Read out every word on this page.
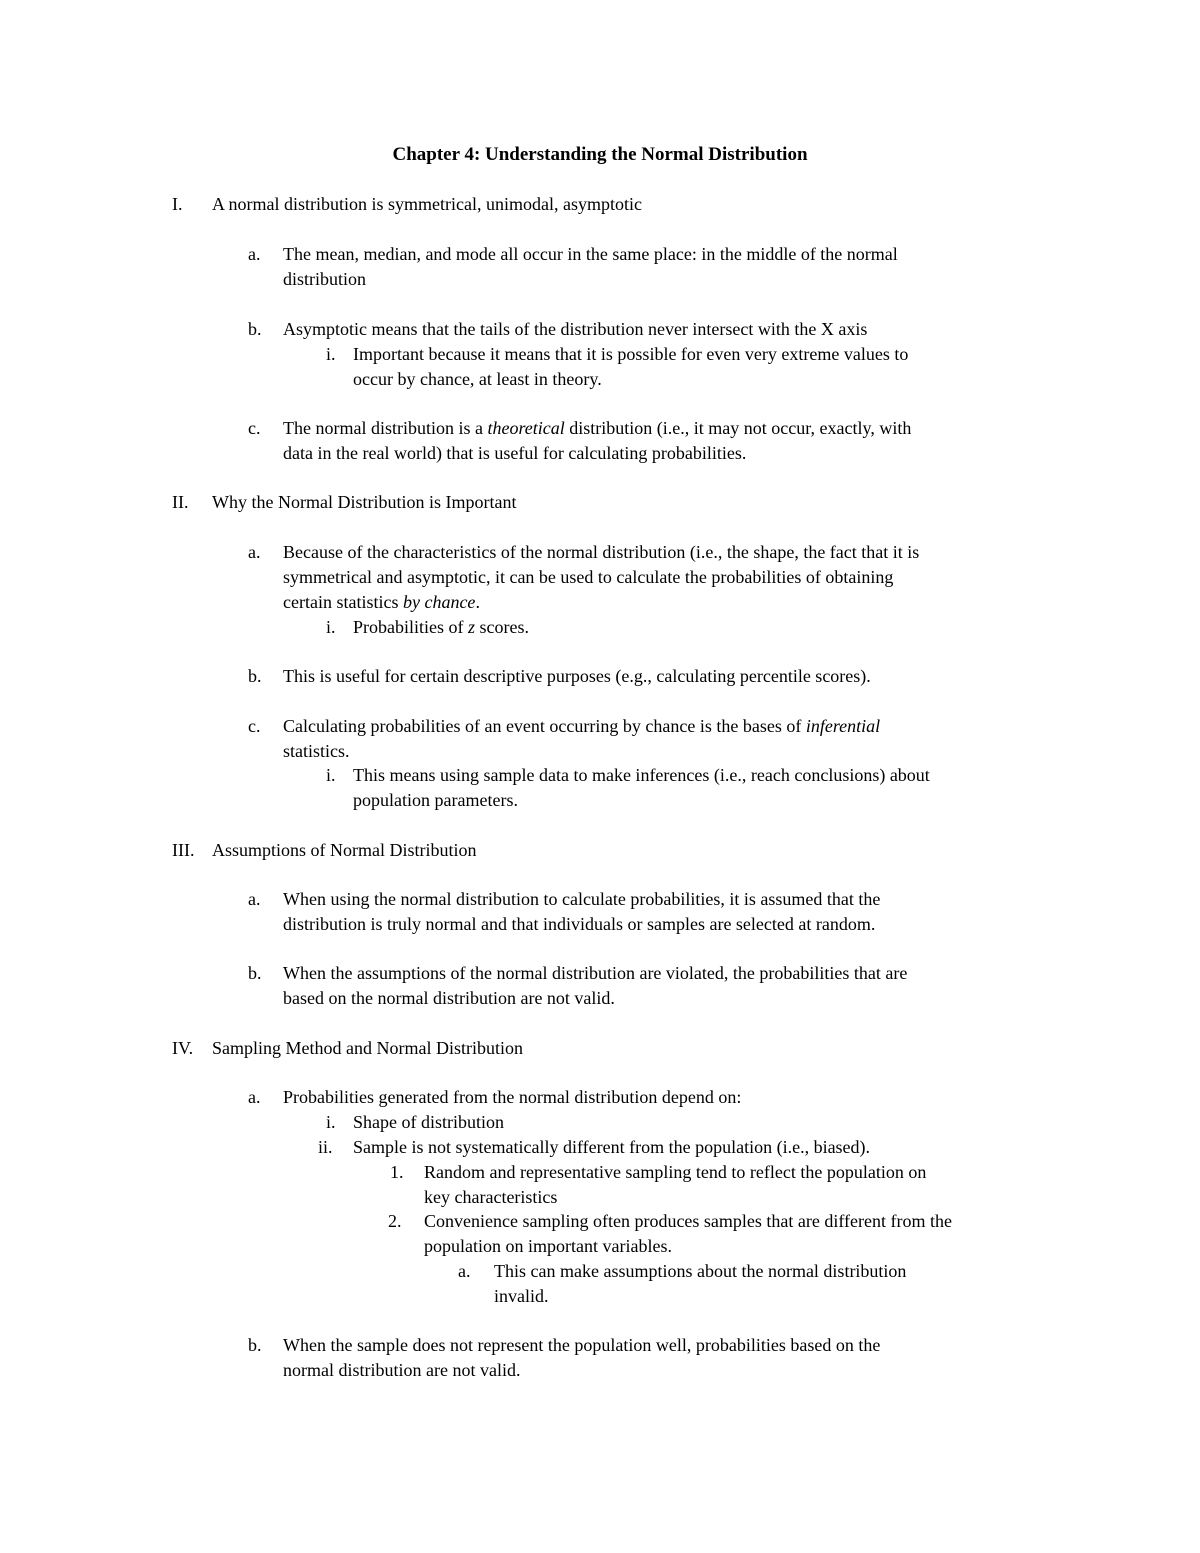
Chapter 4: Understanding the Normal Distribution
I. A normal distribution is symmetrical, unimodal, asymptotic
a. The mean, median, and mode all occur in the same place: in the middle of the normal
distribution
b. Asymptotic means that the tails of the distribution never intersect with the X axis
i. Important because it means that it is possible for even very extreme values to
occur by chance, at least in theory.
c. The normal distribution is a theoretical distribution (i.e., it may not occur, exactly, with
data in the real world) that is useful for calculating probabilities.
II. Why the Normal Distribution is Important
a. Because of the characteristics of the normal distribution (i.e., the shape, the fact that it is
symmetrical and asymptotic, it can be used to calculate the probabilities of obtaining
certain statistics by chance.
i. Probabilities of z scores.
b. This is useful for certain descriptive purposes (e.g., calculating percentile scores).
c. Calculating probabilities of an event occurring by chance is the bases of inferential
statistics.
i. This means using sample data to make inferences (i.e., reach conclusions) about
population parameters.
III. Assumptions of Normal Distribution
a. When using the normal distribution to calculate probabilities, it is assumed that the
distribution is truly normal and that individuals or samples are selected at random.
b. When the assumptions of the normal distribution are violated, the probabilities that are
based on the normal distribution are not valid.
IV. Sampling Method and Normal Distribution
a. Probabilities generated from the normal distribution depend on:
i. Shape of distribution
ii. Sample is not systematically different from the population (i.e., biased).
1. Random and representative sampling tend to reflect the population on
key characteristics
2. Convenience sampling often produces samples that are different from the
population on important variables.
a. This can make assumptions about the normal distribution
invalid.
b. When the sample does not represent the population well, probabilities based on the
normal distribution are not valid.
